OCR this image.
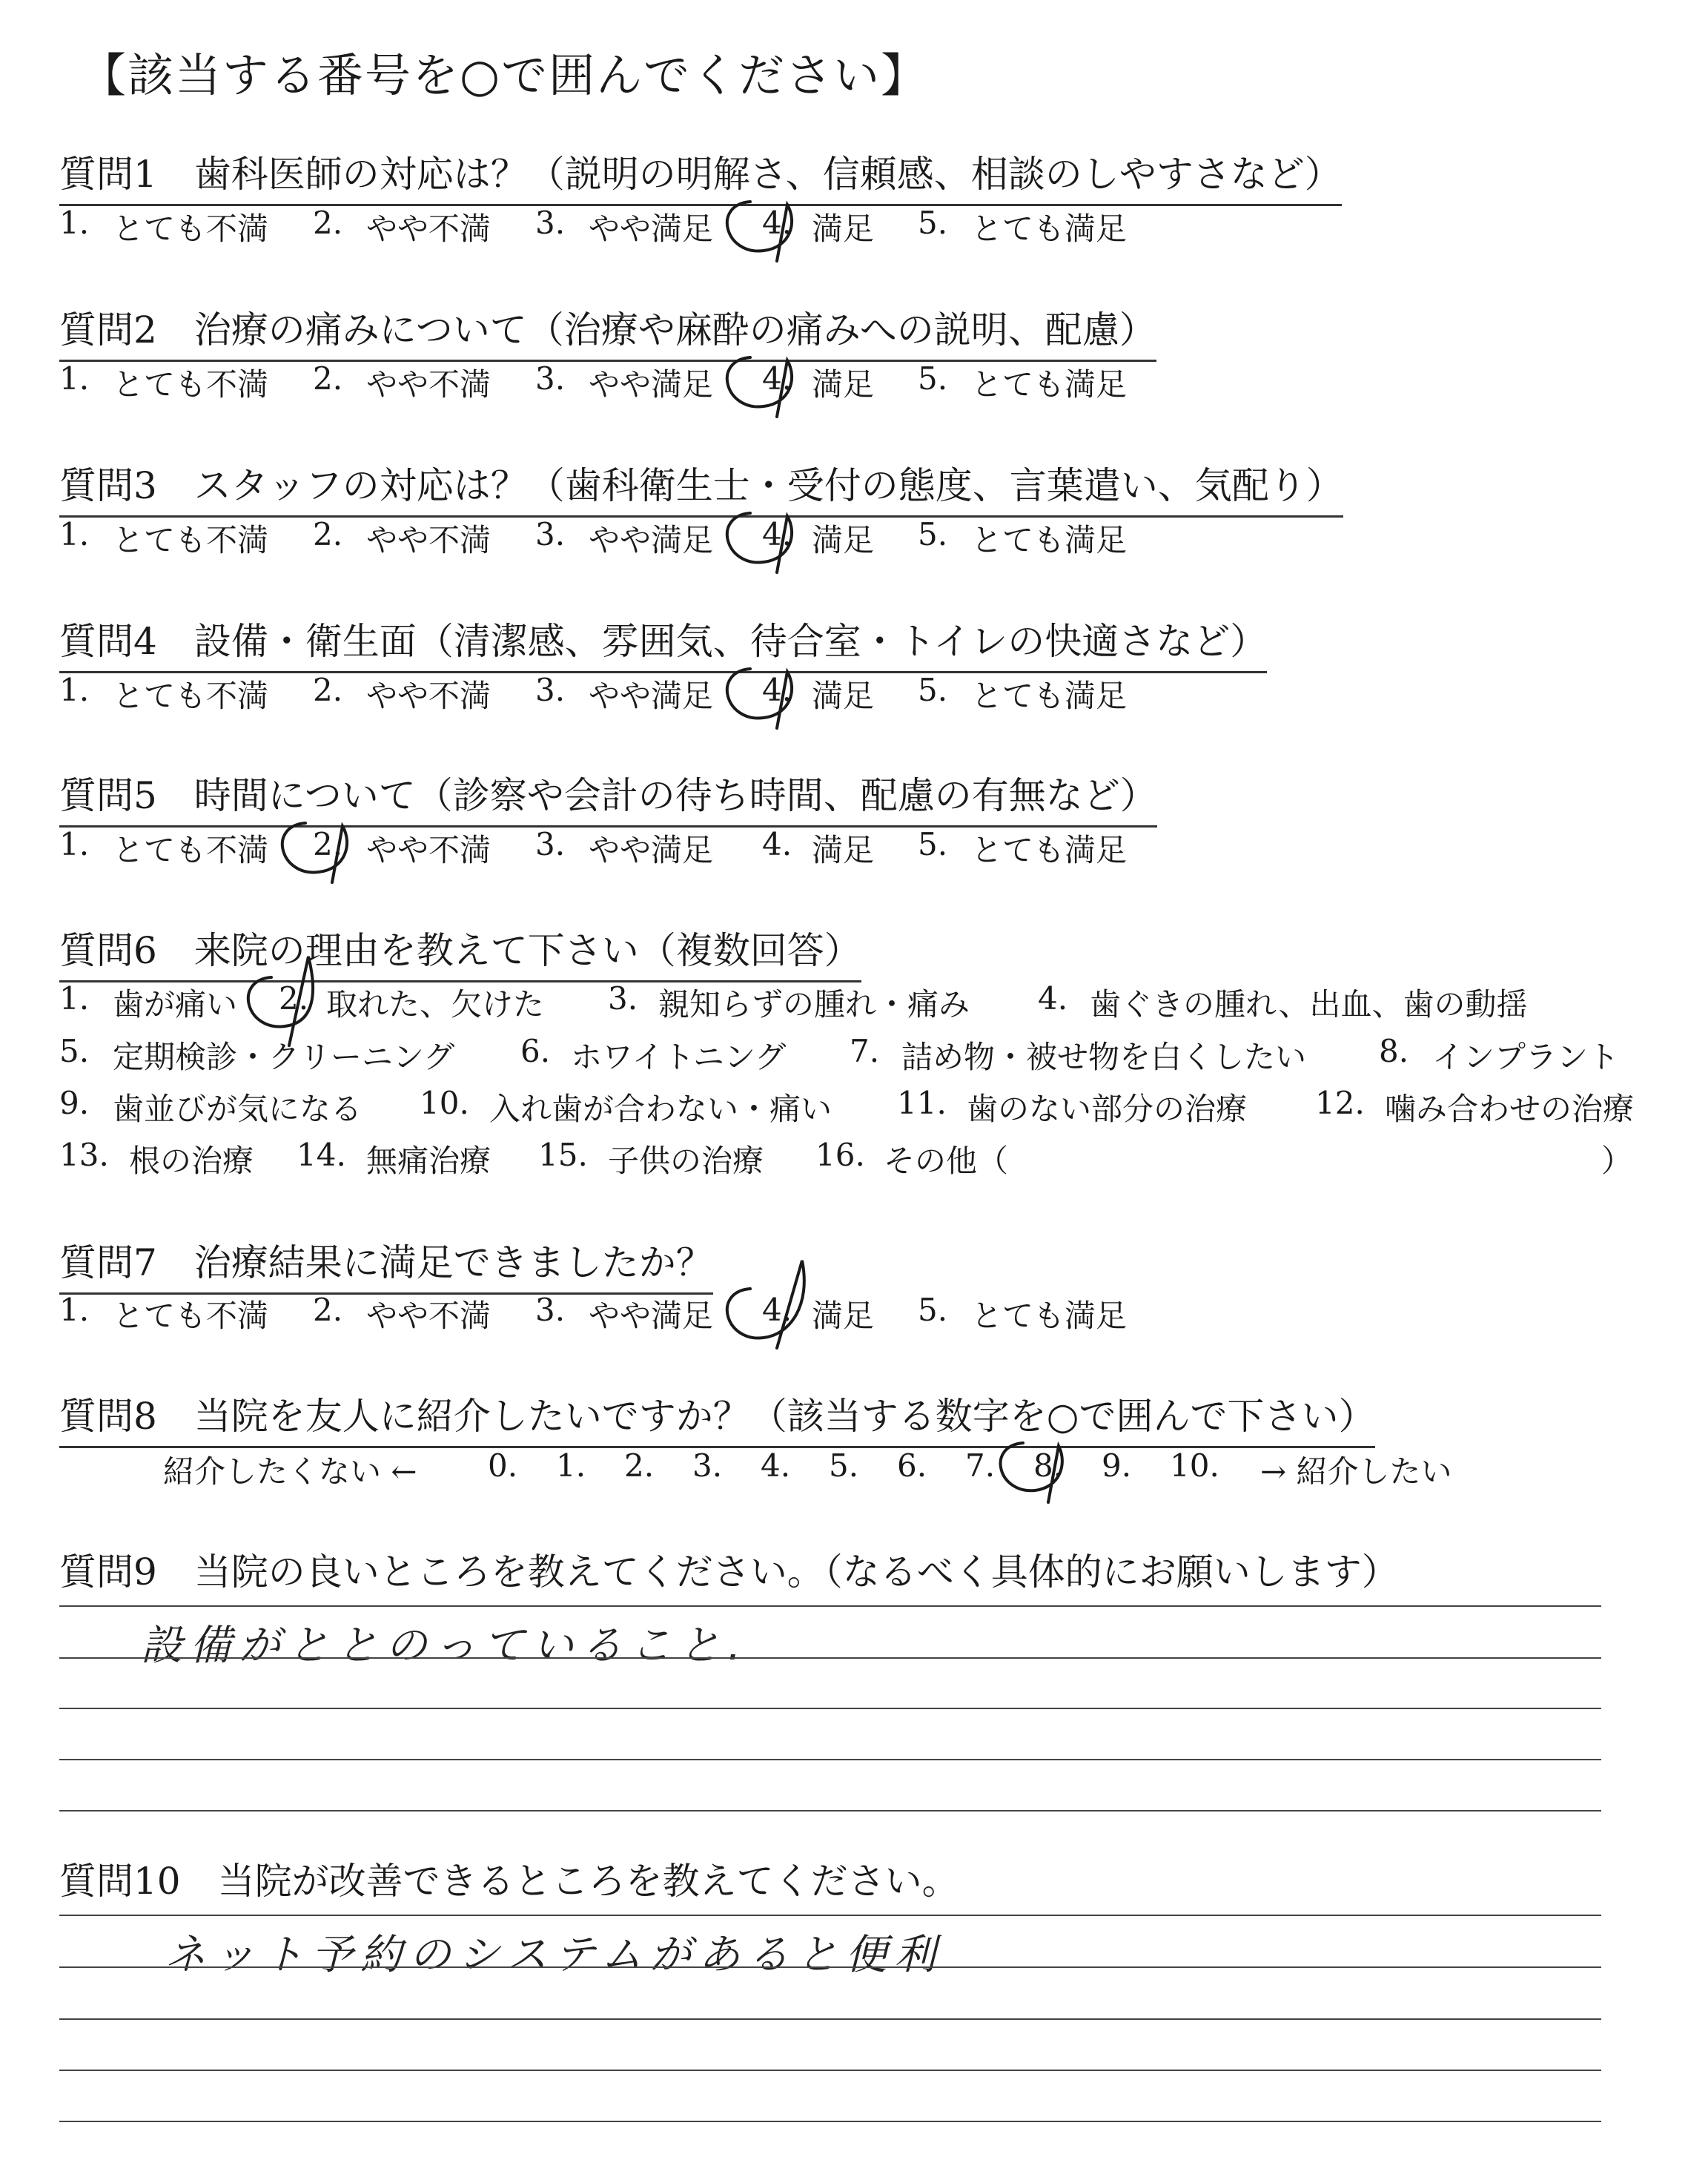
【該当する番号を○で囲んでください】
質問1　歯科医師の対応は？（説明の明解さ、信頼感、相談のしやすさなど）
1. とても不満 2. やや不満 3. やや満足 4. 満足 5. とても満足
質問2　治療の痛みについて（治療や麻酔の痛みへの説明、配慮）
1. とても不満 2. やや不満 3. やや満足 4. 満足 5. とても満足
質問3　スタッフの対応は？（歯科衛生士・受付の態度、言葉遣い、気配り）
1. とても不満 2. やや不満 3. やや満足 4. 満足 5. とても満足
質問4　設備・衛生面（清潔感、雰囲気、待合室・トイレの快適さなど）
1. とても不満 2. やや不満 3. やや満足 4. 満足 5. とても満足
質問5　時間について（診察や会計の待ち時間、配慮の有無など）
1. とても不満 2. やや不満 3. やや満足 4. 満足 5. とても満足
質問6　来院の理由を教えて下さい（複数回答）
1. 歯が痛い 2. 取れた、欠けた 3. 親知らずの腫れ・痛み 4. 歯ぐきの腫れ、出血、歯の動揺
5. 定期検診・クリーニング 6. ホワイトニング 7. 詰め物・被せ物を白くしたい 8. インプラント
9. 歯並びが気になる 10. 入れ歯が合わない・痛い 11. 歯のない部分の治療 12. 噛み合わせの治療
13. 根の治療 14. 無痛治療 15. 子供の治療 16. その他（	）
質問7　治療結果に満足できましたか？
1. とても不満 2. やや不満 3. やや満足 4. 満足 5. とても満足
質問8　当院を友人に紹介したいですか？（該当する数字を○で囲んで下さい）
紹介したくない ← 0. 1. 2. 3. 4. 5. 6. 7. 8. 9. 10. → 紹介したい
質問9　当院の良いところを教えてください。（なるべく具体的にお願いします）
設備がととのっていること.
質問10　当院が改善できるところを教えてください。
ネット予約のシステムがあると便利
